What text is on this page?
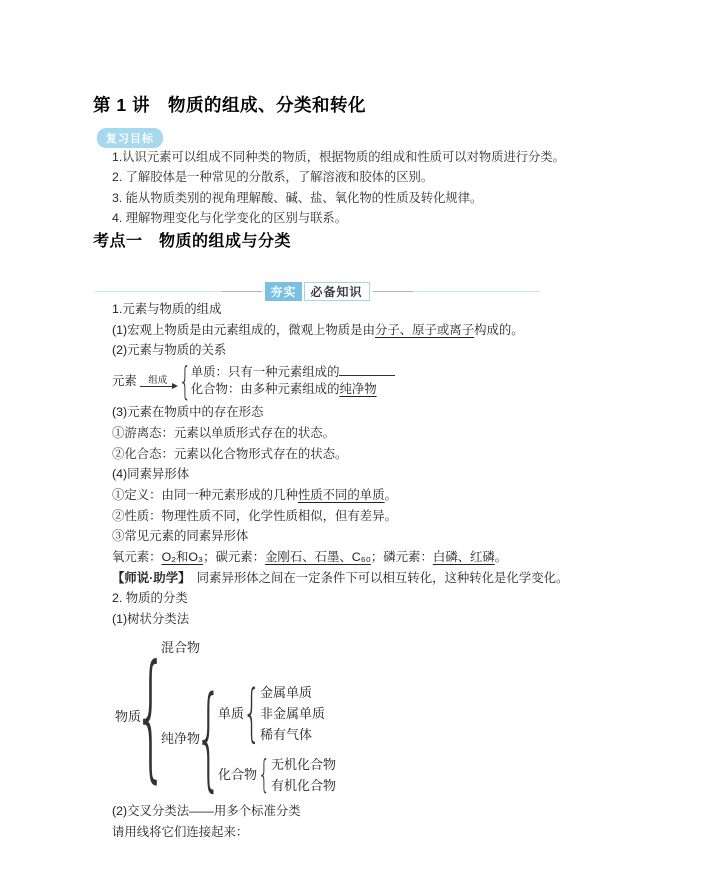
第 1 讲　物质的组成、分类和转化
复习目标

1.认识元素可以组成不同种类的物质，根据物质的组成和性质可以对物质进行分类。

2. 了解胶体是一种常见的分散系，了解溶液和胶体的区别。

3. 能从物质类别的视角理解酸、碱、盐、氧化物的性质及转化规律。

4. 理解物理变化与化学变化的区别与联系。

考点一　物质的组成与分类
夯实	必备知识

1.元素与物质的组成

(1)宏观上物质是由元素组成的，微观上物质是由分子、原子或离子构成的。

(2)元素与物质的关系

元素 组成
{
单质：只有一种元素组成的
化合物：由多种元素组成的纯净物

(3)元素在物质中的存在形态

①游离态：元素以单质形式存在的状态。

②化合态：元素以化合物形式存在的状态。

(4)同素异形体

①定义：由同一种元素形成的几种性质不同的单质。

②性质：物理性质不同，化学性质相似，但有差异。

③常见元素的同素异形体

氧元素：O₂和O₃；碳元素：金刚石、石墨、C₆₀；磷元素：白磷、红磷。

【师说·助学】　 同素异形体之间在一定条件下可以相互转化，这种转化是化学变化。

2. 物质的分类

(1)树状分类法

物质
{
混合物
纯净物
{
单质
{
金属单质
非金属单质
稀有气体
化合物
{
无机化合物
有机化合物

(2)交叉分类法——用多个标准分类

请用线将它们连接起来：
